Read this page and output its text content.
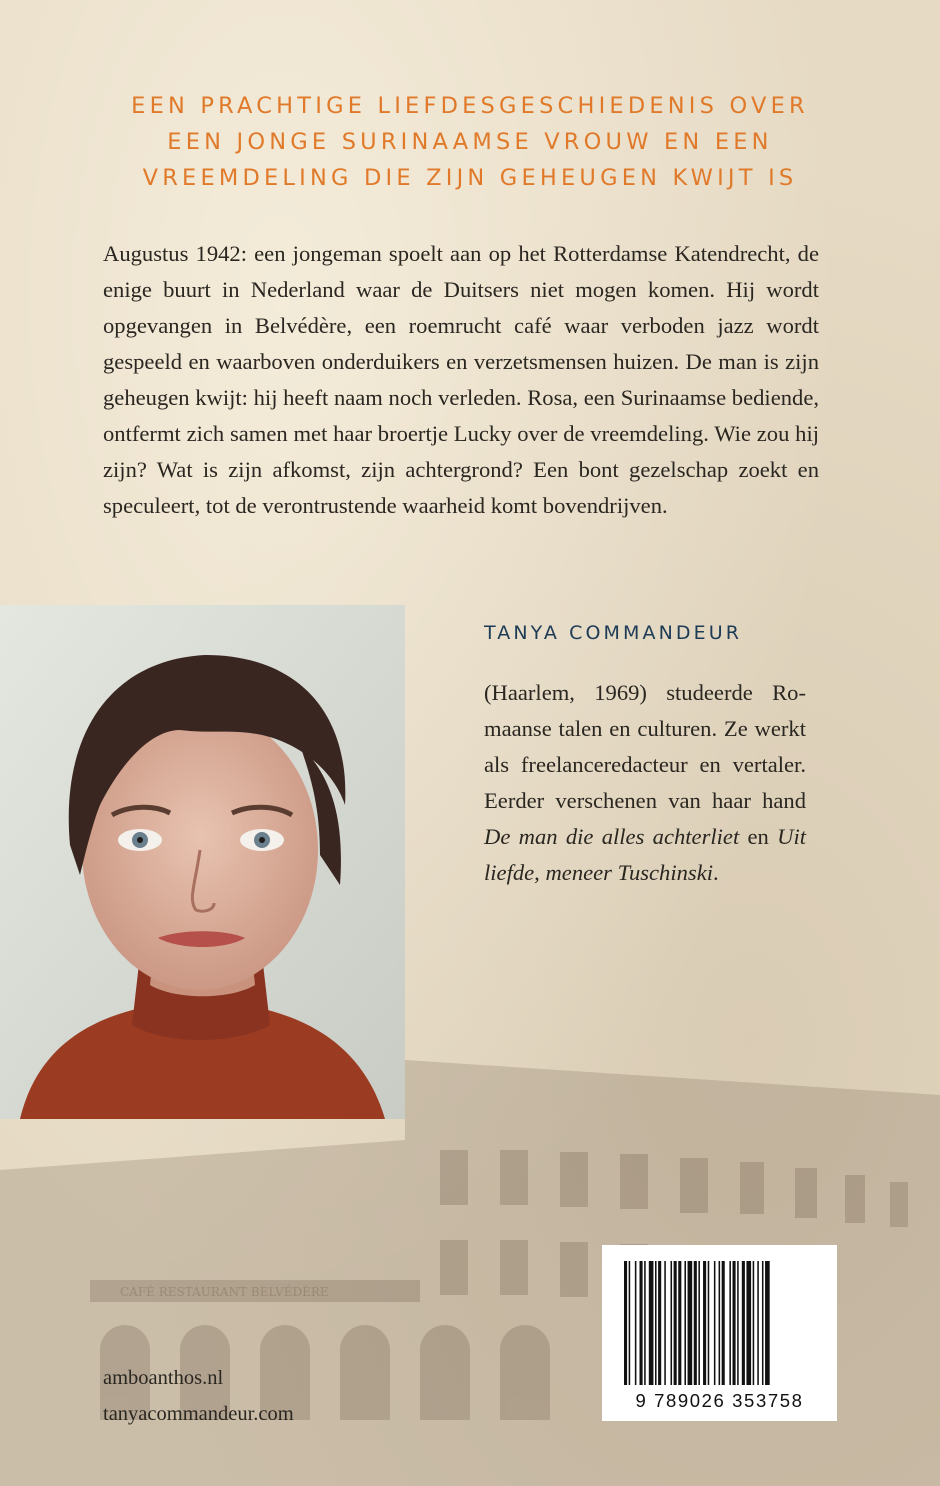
EEN PRACHTIGE LIEFDESGESCHIEDENIS OVER
EEN JONGE SURINAAMSE VROUW EN EEN
VREEMDELING DIE ZIJN GEHEUGEN KWIJT IS

Augustus 1942: een jongeman spoelt aan op het Rotterdamse Katendrecht, de enige buurt in Nederland waar de Duitsers niet mogen komen. Hij wordt opgevangen in Belvédère, een roemrucht café waar verboden jazz wordt gespeeld en waarboven onderduikers en verzetsmensen huizen. De man is zijn geheugen kwijt: hij heeft naam noch verleden. Rosa, een Surinaamse bediende, ontfermt zich samen met haar broertje Lucky over de vreemdeling. Wie zou hij zijn? Wat is zijn afkomst, zijn achtergrond? Een bont gezelschap zoekt en speculeert, tot de verontrustende waarheid komt bovendrijven.

CAFÉ RESTAURANT BELVÉDÈRE
TANYA COMMANDEUR

(Haarlem, 1969) studeerde Romaanse talen en culturen. Ze werkt als freelanceredacteur en vertaler. Eerder verschenen van haar hand De man die alles achterliet en Uit liefde, meneer Tuschinski.

amboanthos.nl
tanyacommandeur.com
9 789026 353758
